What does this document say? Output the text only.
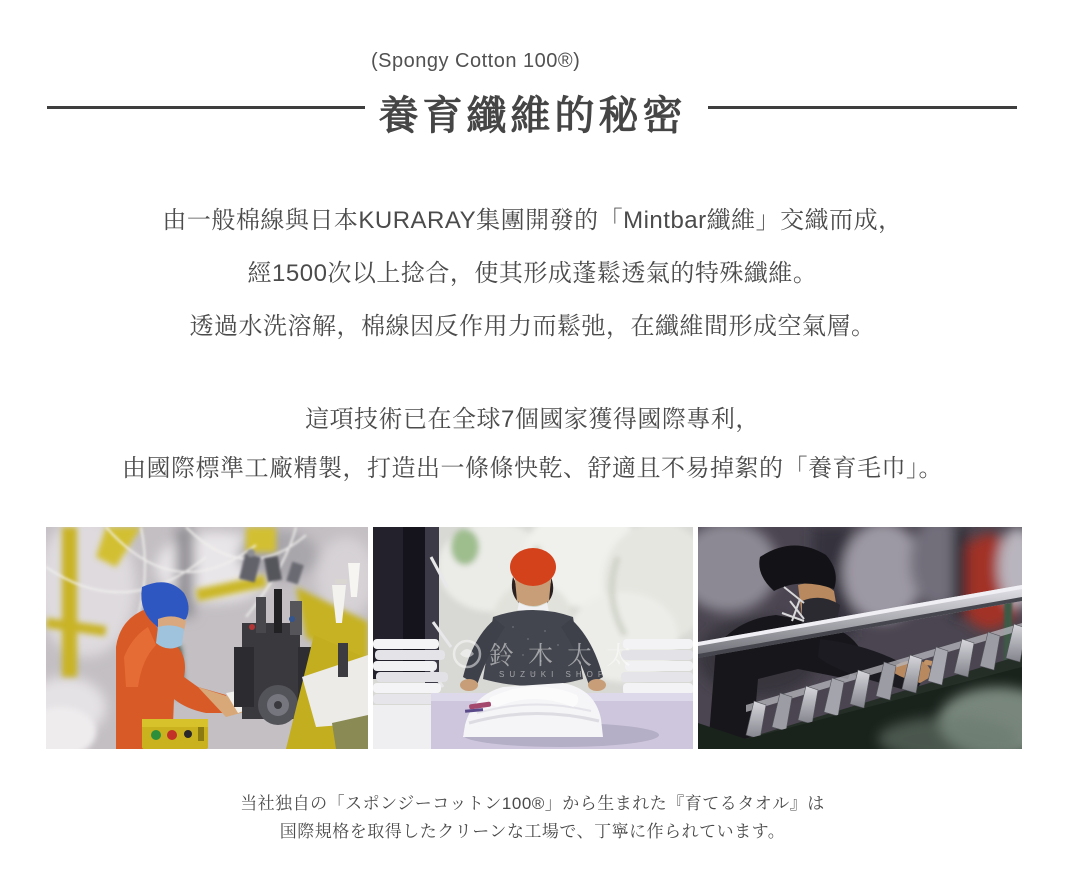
(Spongy Cotton 100®)
養育纖維的秘密
由一般棉線與日本KURARAY集團開發的「Mintbar纖維」交織而成，
經1500次以上捻合，使其形成蓬鬆透氣的特殊纖維。
透過水洗溶解，棉線因反作用力而鬆弛，在纖維間形成空氣層。
這項技術已在全球7個國家獲得國際專利，
由國際標準工廠精製，打造出一條條快乾、舒適且不易掉絮的「養育毛巾」。
鈴木太太
SUZUKI SHOP
当社独自の「スポンジーコットン100®」から生まれた『育てるタオル』は
国際規格を取得したクリーンな工場で、丁寧に作られています。
